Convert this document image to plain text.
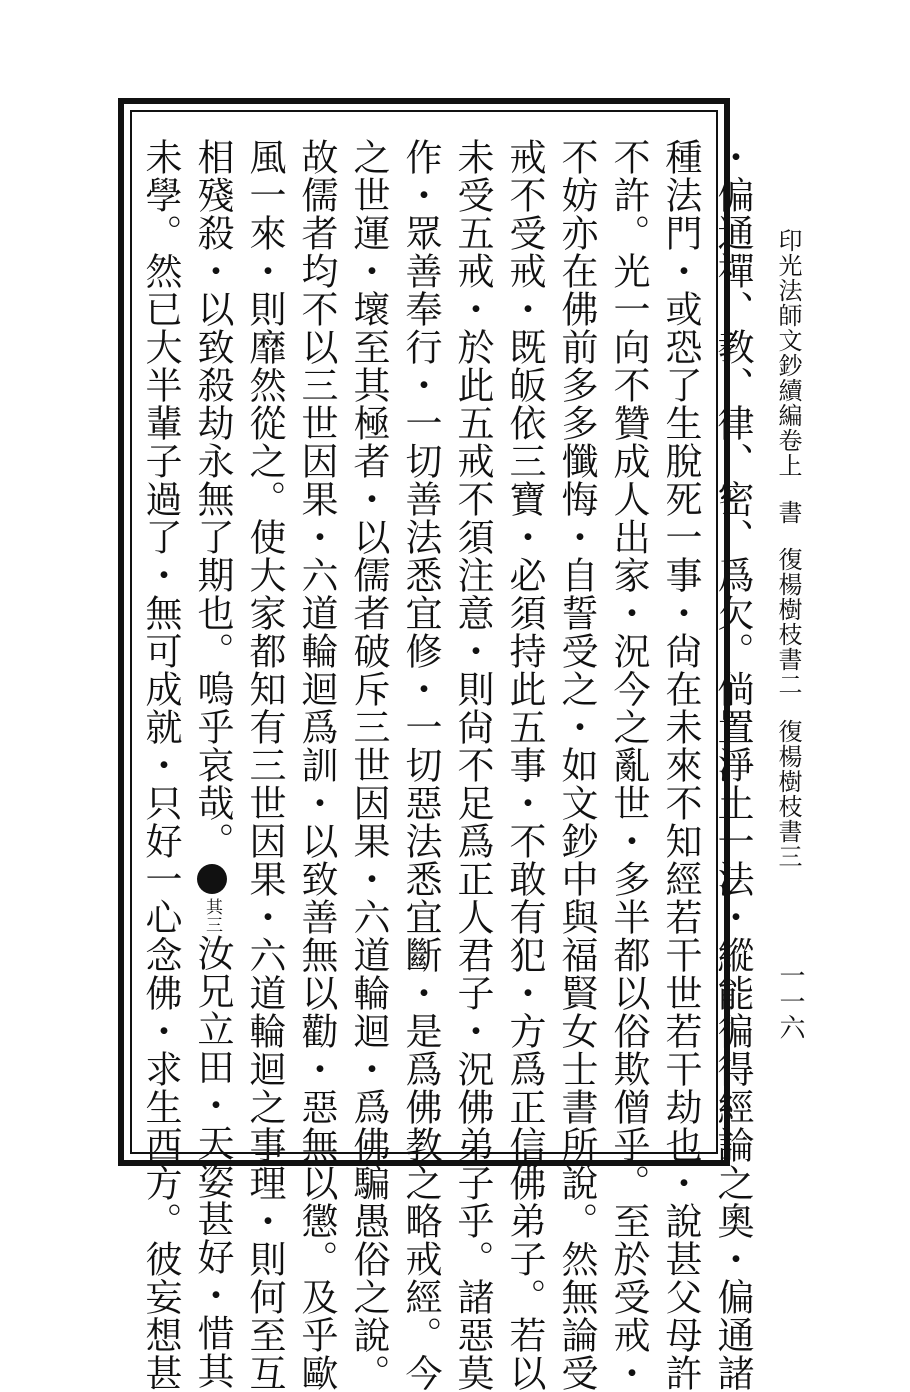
印光法師文鈔續編卷上書復楊樹枝書二復楊樹枝書三
一一六
・偏通禪、教、律、密、爲欠。倘置淨土一法・縱能徧得經論之奧・偏通諸
種法門・或恐了生脫死一事・尙在未來不知經若干世若干劫也・說甚父母許
不許。光一向不贊成人出家・況今之亂世・多半都以俗欺僧乎。至於受戒・
不妨亦在佛前多多懺悔・自誓受之・如文鈔中與福賢女士書所說。然無論受
戒不受戒・既皈依三寶・必須持此五事・不敢有犯・方爲正信佛弟子。若以
未受五戒・於此五戒不須注意・則尙不足爲正人君子・況佛弟子乎。諸惡莫
作・眾善奉行・一切善法悉宜修・一切惡法悉宜斷・是爲佛教之略戒經。今
之世運・壞至其極者・以儒者破斥三世因果・六道輪迴・爲佛騙愚俗之說。
故儒者均不以三世因果・六道輪迴爲訓・以致善無以勸・惡無以懲。及乎歐
風一來・則靡然從之。使大家都知有三世因果・六道輪迴之事理・則何至互
相殘殺・以致殺劫永無了期也。嗚乎哀哉。其三汝兄立田・天姿甚好・惜其
未學。然已大半輩子過了・無可成就・只好一心念佛・求生西方。彼妄想甚
